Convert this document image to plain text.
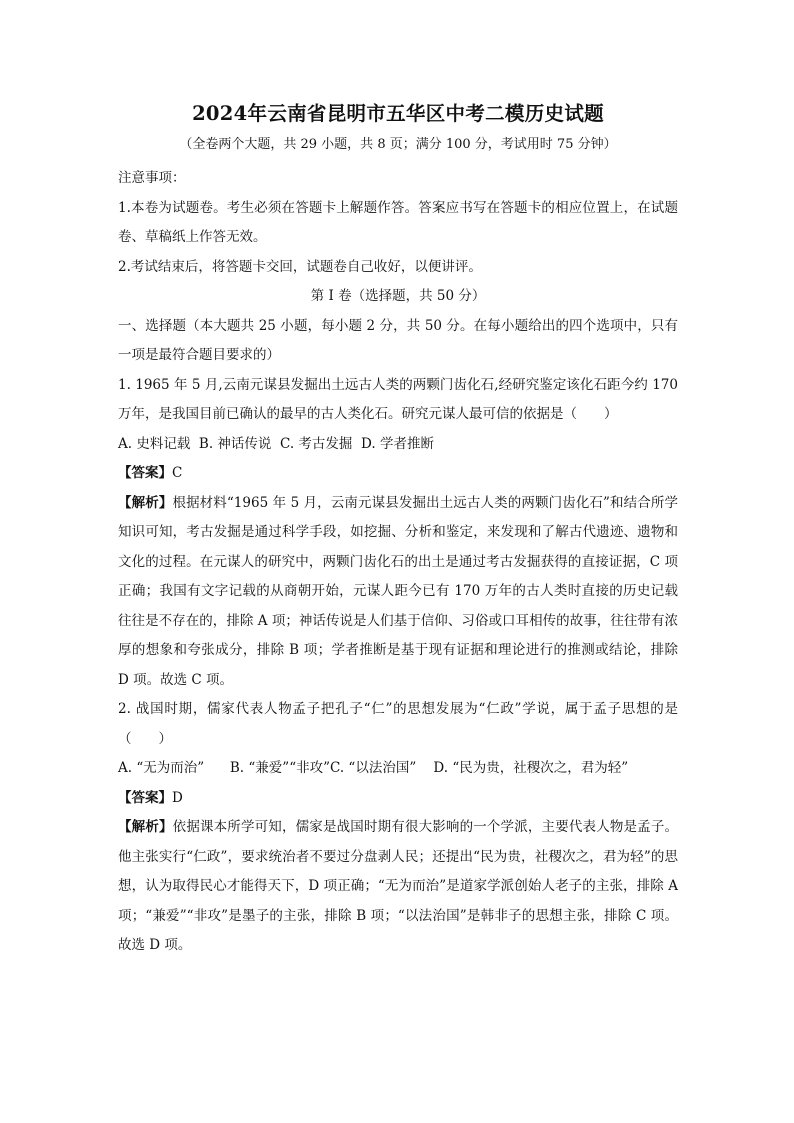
2024年云南省昆明市五华区中考二模历史试题
（全卷两个大题，共 29 小题，共 8 页；满分 100 分，考试用时 75 分钟）
注意事项：
1.本卷为试题卷。考生必须在答题卡上解题作答。答案应书写在答题卡的相应位置上，在试题卷、草稿纸上作答无效。
2.考试结束后，将答题卡交回，试题卷自己收好，以便讲评。
第 I 卷（选择题，共 50 分）
一、选择题（本大题共 25 小题，每小题 2 分，共 50 分。在每小题给出的四个选项中，只有一项是最符合题目要求的）
1. 1965 年 5 月,云南元谋县发掘出土远古人类的两颗门齿化石,经研究鉴定该化石距今约 170 万年，是我国目前已确认的最早的古人类化石。研究元谋人最可信的依据是（　　）
A. 史料记载  B. 神话传说  C. 考古发掘  D. 学者推断
【答案】C
【解析】根据材料“1965 年 5 月，云南元谋县发掘出土远古人类的两颗门齿化石”和结合所学知识可知，考古发掘是通过科学手段，如挖掘、分析和鉴定，来发现和了解古代遗迹、遗物和文化的过程。在元谋人的研究中，两颗门齿化石的出土是通过考古发掘获得的直接证据，C 项正确；我国有文字记载的从商朝开始，元谋人距今已有 170 万年的古人类时直接的历史记载往往是不存在的，排除 A 项；神话传说是人们基于信仰、习俗或口耳相传的故事，往往带有浓厚的想象和夸张成分，排除 B 项；学者推断是基于现有证据和理论进行的推测或结论，排除 D 项。故选 C 项。
2. 战国时期，儒家代表人物孟子把孔子“仁”的思想发展为“仁政”学说，属于孟子思想的是（　　）
A. “无为而治”      B. “兼爱”“非攻”C. “以法治国”    D. “民为贵，社稷次之，君为轻”
【答案】D
【解析】依据课本所学可知，儒家是战国时期有很大影响的一个学派，主要代表人物是孟子。他主张实行“仁政”，要求统治者不要过分盘剥人民；还提出“民为贵，社稷次之，君为轻”的思想，认为取得民心才能得天下，D 项正确；“无为而治”是道家学派创始人老子的主张，排除 A 项；“兼爱”“非攻”是墨子的主张，排除 B 项；“以法治国”是韩非子的思想主张，排除 C 项。故选 D 项。
